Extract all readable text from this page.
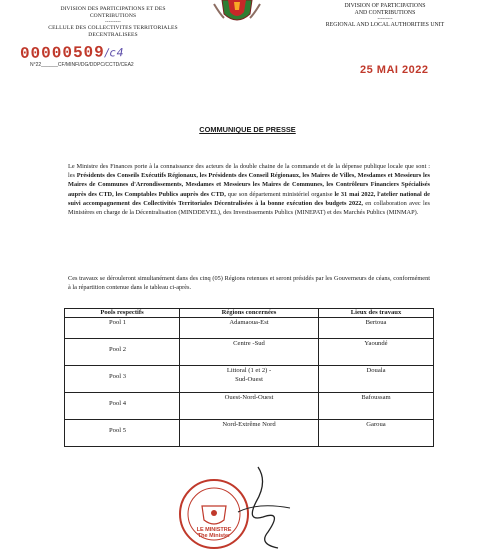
DIVISION DES PARTICIPATIONS ET DES
CONTRIBUTIONS
---------
CELLULE DES COLLECTIVITES TERRITORIALES
DECENTRALISEES
DIVISION OF PARTICIPATIONS
AND CONTRIBUTIONS
---------
REGIONAL AND LOCAL AUTHORITIES UNIT
00000509/c4
N°22______CF/MINFI/DG/DDPC/CCTD/CEA2	25 MAI 2022
COMMUNIQUE DE PRESSE
Le Ministre des Finances porte à la connaissance des acteurs de la double chaine de la commande et de la dépense publique locale que sont : les Présidents des Conseils Exécutifs Régionaux, les Présidents des Conseil Régionaux, les Maires de Villes, Mesdames et Messieurs les Maires de Communes d'Arrondissements, Mesdames et Messieurs les Maires de Communes, les Contrôleurs Financiers Spécialisés auprès des CTD, les Comptables Publics auprès des CTD, que son département ministériel organise le 31 mai 2022, l'atelier national de suivi accompagnement des Collectivités Territoriales Décentralisées à la bonne exécution des budgets 2022, en collaboration avec les Ministères en charge de la Décentralisation (MINDDEVEL), des Investissements Publics (MINEPAT) et des Marchés Publics (MINMAP).
Ces travaux se dérouleront simultanément dans des cinq (05) Régions retenues et seront présidés par les Gouverneurs de céans, conformément à la répartition contenue dans le tableau ci-après.
Pools respectifs	Régions concernées	Lieux des travaux
Pool 1	Adamaoua-Est	Bertoua
Pool 2	Centre -Sud	Yaoundé
Pool 3	Littoral (1 et 2) -
Sud-Ouest	Douala
Pool 4	Ouest-Nord-Ouest	Bafoussam
Pool 5	Nord-Extrême Nord	Garoua
LE MINISTRE
The Minister
